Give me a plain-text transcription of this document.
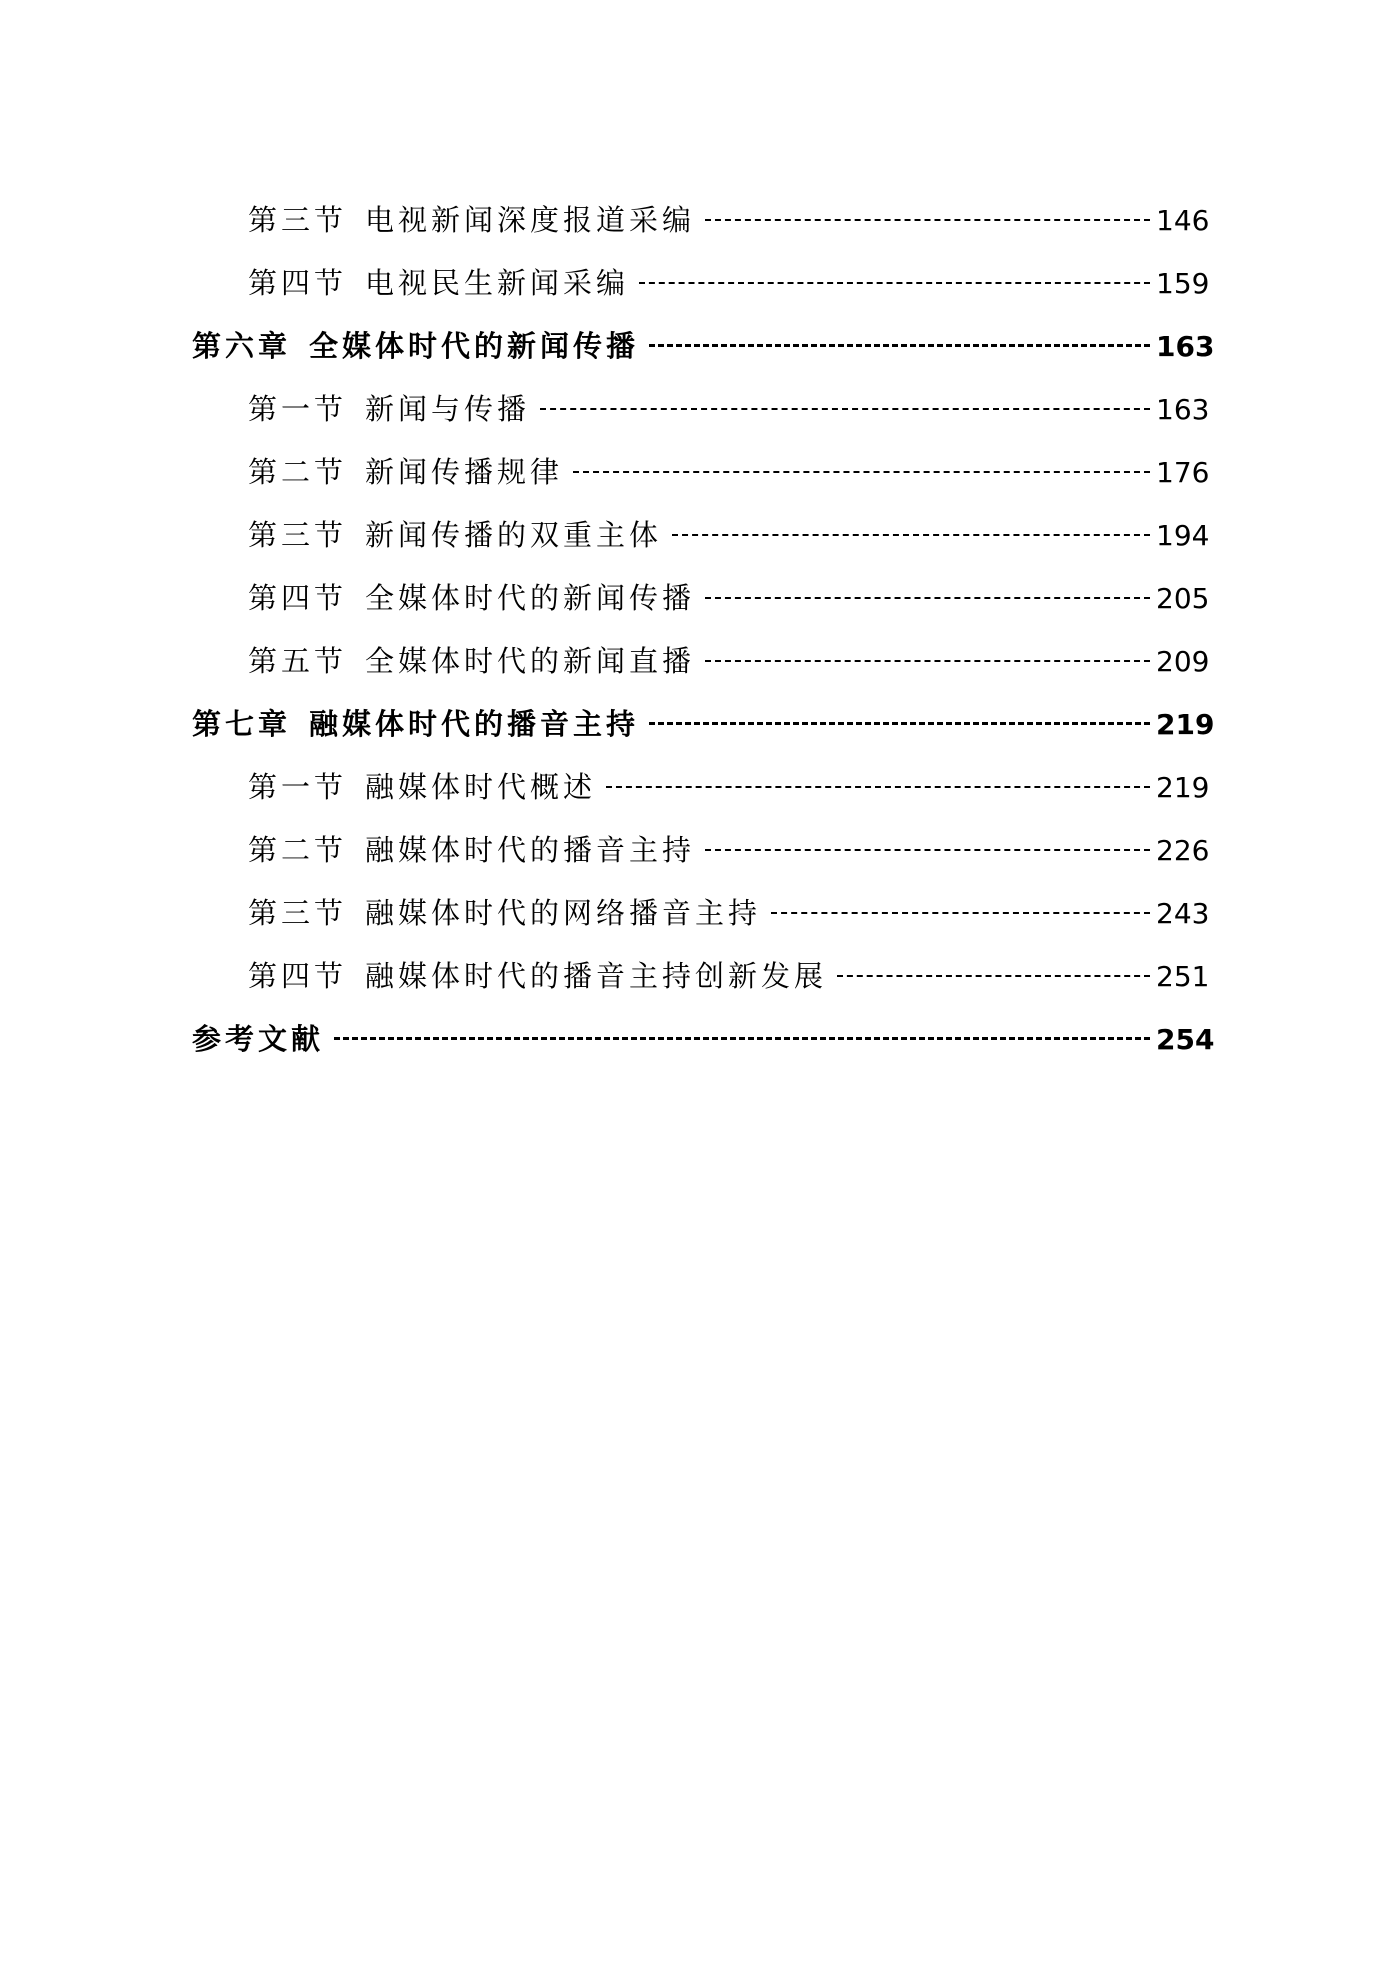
第三节 电视新闻深度报道采编	146
第四节 电视民生新闻采编	159
第六章 全媒体时代的新闻传播	163
第一节 新闻与传播	163
第二节 新闻传播规律	176
第三节 新闻传播的双重主体	194
第四节 全媒体时代的新闻传播	205
第五节 全媒体时代的新闻直播	209
第七章 融媒体时代的播音主持	219
第一节 融媒体时代概述	219
第二节 融媒体时代的播音主持	226
第三节 融媒体时代的网络播音主持	243
第四节 融媒体时代的播音主持创新发展	251
参考文献	254
